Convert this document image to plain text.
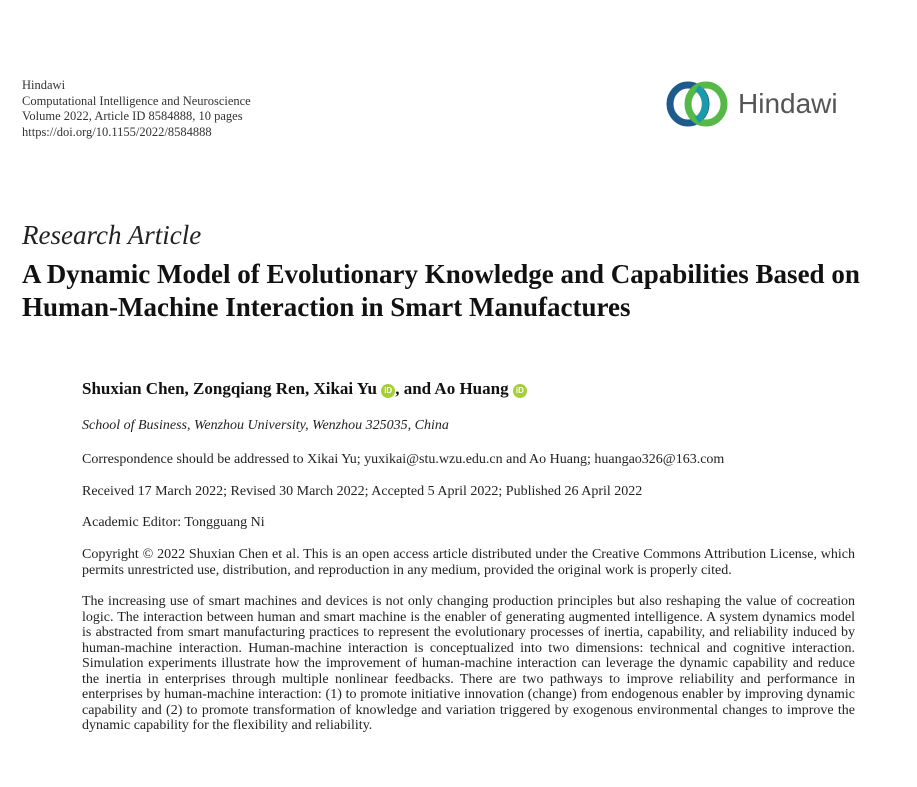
Hindawi
Computational Intelligence and Neuroscience
Volume 2022, Article ID 8584888, 10 pages
https://doi.org/10.1155/2022/8584888
Hindawi
Research Article
A Dynamic Model of Evolutionary Knowledge and Capabilities Based on Human-Machine Interaction in Smart Manufactures
Shuxian Chen, Zongqiang Ren, Xikai Yu iD , and Ao Huang iD
School of Business, Wenzhou University, Wenzhou 325035, China
Correspondence should be addressed to Xikai Yu; yuxikai@stu.wzu.edu.cn and Ao Huang; huangao326@163.com
Received 17 March 2022; Revised 30 March 2022; Accepted 5 April 2022; Published 26 April 2022
Academic Editor: Tongguang Ni
Copyright © 2022 Shuxian Chen et al. This is an open access article distributed under the Creative Commons Attribution License, which permits unrestricted use, distribution, and reproduction in any medium, provided the original work is properly cited.
The increasing use of smart machines and devices is not only changing production principles but also reshaping the value of cocreation logic. The interaction between human and smart machine is the enabler of generating augmented intelligence. A system dynamics model is abstracted from smart manufacturing practices to represent the evolutionary processes of inertia, capability, and reliability induced by human-machine interaction. Human-machine interaction is conceptualized into two dimensions: technical and cognitive interaction. Simulation experiments illustrate how the improvement of human-machine interaction can leverage the dynamic capability and reduce the inertia in enterprises through multiple nonlinear feedbacks. There are two pathways to improve reliability and performance in enterprises by human-machine interaction: (1) to promote initiative innovation (change) from endogenous enabler by improving dynamic capability and (2) to promote transformation of knowledge and variation triggered by exogenous environmental changes to improve the dynamic capability for the flexibility and reliability.
